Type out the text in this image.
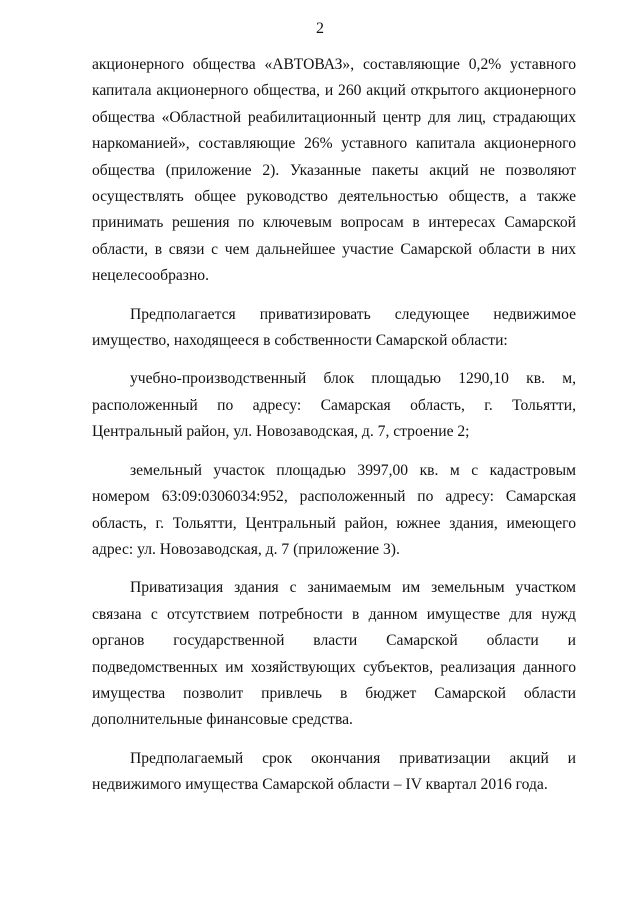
2

акционерного общества «АВТОВАЗ», составляющие 0,2% уставного капитала акционерного общества, и 260 акций открытого акционерного общества «Областной реабилитационный центр для лиц, страдающих наркоманией», составляющие 26% уставного капитала акционерного общества (приложение 2). Указанные пакеты акций не позволяют осуществлять общее руководство деятельностью обществ, а также принимать решения по ключевым вопросам в интересах Самарской области, в связи с чем дальнейшее участие Самарской области в них нецелесообразно.

Предполагается приватизировать следующее недвижимое имущество, находящееся в собственности Самарской области:

учебно-производственный блок площадью 1290,10 кв. м, расположенный по адресу: Самарская область, г. Тольятти, Центральный район, ул. Новозаводская, д. 7, строение 2;

земельный участок площадью 3997,00 кв. м с кадастровым номером 63:09:0306034:952, расположенный по адресу: Самарская область, г. Тольятти, Центральный район, южнее здания, имеющего адрес: ул. Новозаводская, д. 7 (приложение 3).

Приватизация здания с занимаемым им земельным участком связана с отсутствием потребности в данном имуществе для нужд органов государственной власти Самарской области и подведомственных им хозяйствующих субъектов, реализация данного имущества позволит привлечь в бюджет Самарской области дополнительные финансовые средства.

Предполагаемый срок окончания приватизации акций и недвижимого имущества Самарской области – IV квартал 2016 года.
